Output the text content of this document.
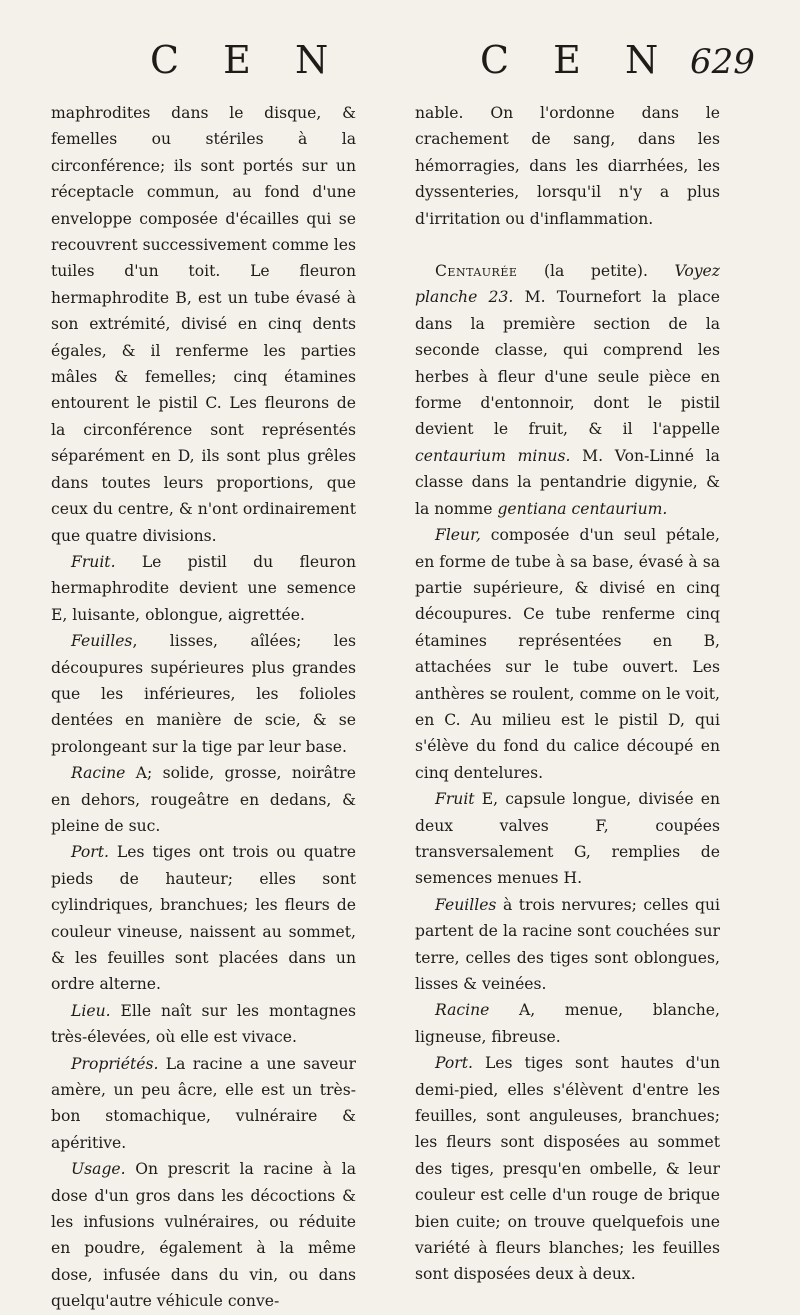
C E N	C E N 629

maphrodites dans le disque, & femelles ou stériles à la circonférence; ils sont portés sur un réceptacle commun, au fond d'une enveloppe composée d'écailles qui se recouvrent successivement comme les tuiles d'un toit. Le fleuron hermaphrodite B, est un tube évasé à son extrémité, divisé en cinq dents égales, & il renferme les parties mâles & femelles; cinq étamines entourent le pistil C. Les fleurons de la circonférence sont représentés séparément en D, ils sont plus grêles dans toutes leurs proportions, que ceux du centre, & n'ont ordinairement que quatre divisions.

Fruit. Le pistil du fleuron hermaphrodite devient une semence E, luisante, oblongue, aigrettée.

Feuilles, lisses, aîlées; les découpures supérieures plus grandes que les inférieures, les folioles dentées en manière de scie, & se prolongeant sur la tige par leur base.

Racine A; solide, grosse, noirâtre en dehors, rougeâtre en dedans, & pleine de suc.

Port. Les tiges ont trois ou quatre pieds de hauteur; elles sont cylindriques, branchues; les fleurs de couleur vineuse, naissent au sommet, & les feuilles sont placées dans un ordre alterne.

Lieu. Elle naît sur les montagnes très-élevées, où elle est vivace.

Propriétés. La racine a une saveur amère, un peu âcre, elle est un très-bon stomachique, vulnéraire & apéritive.

Usage. On prescrit la racine à la dose d'un gros dans les décoctions & les infusions vulnéraires, ou réduite en poudre, également à la même dose, infusée dans du vin, ou dans quelqu'autre véhicule conve-

nable. On l'ordonne dans le crachement de sang, dans les hémorragies, dans les diarrhées, les dyssenteries, lorsqu'il n'y a plus d'irritation ou d'inflammation.

Centaurée (la petite). Voyez planche 23. M. Tournefort la place dans la première section de la seconde classe, qui comprend les herbes à fleur d'une seule pièce en forme d'entonnoir, dont le pistil devient le fruit, & il l'appelle centaurium minus. M. Von-Linné la classe dans la pentandrie digynie, & la nomme gentiana centaurium.

Fleur, composée d'un seul pétale, en forme de tube à sa base, évasé à sa partie supérieure, & divisé en cinq découpures. Ce tube renferme cinq étamines représentées en B, attachées sur le tube ouvert. Les anthères se roulent, comme on le voit, en C. Au milieu est le pistil D, qui s'élève du fond du calice découpé en cinq dentelures.

Fruit E, capsule longue, divisée en deux valves F, coupées transversalement G, remplies de semences menues H.

Feuilles à trois nervures; celles qui partent de la racine sont couchées sur terre, celles des tiges sont oblongues, lisses & veinées.

Racine A, menue, blanche, ligneuse, fibreuse.

Port. Les tiges sont hautes d'un demi-pied, elles s'élèvent d'entre les feuilles, sont anguleuses, branchues; les fleurs sont disposées au sommet des tiges, presqu'en ombelle, & leur couleur est celle d'un rouge de brique bien cuite; on trouve quelquefois une variété à fleurs blanches; les feuilles sont disposées deux à deux.
